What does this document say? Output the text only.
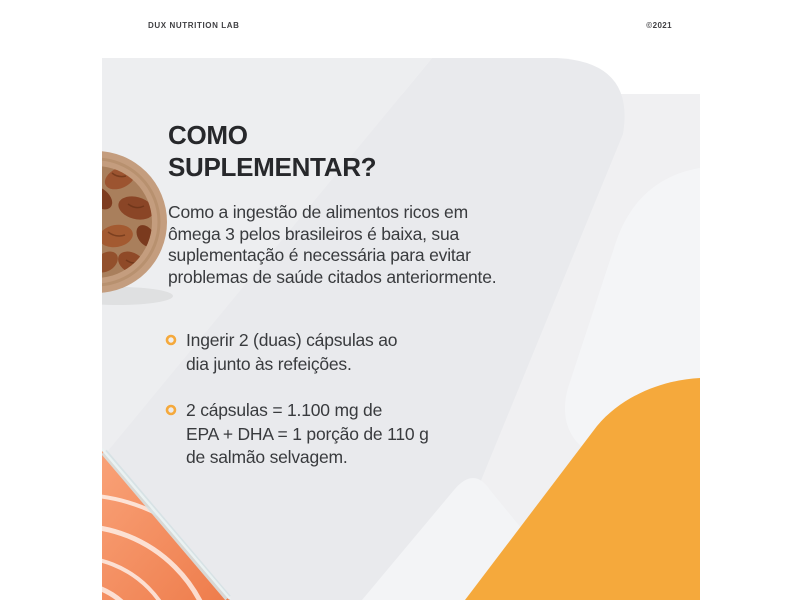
DUX NUTRITION LAB	©2021
COMO
SUPLEMENTAR?
Como a ingestão de alimentos ricos em
ômega 3 pelos brasileiros é baixa, sua
suplementação é necessária para evitar
problemas de saúde citados anteriormente.
Ingerir 2 (duas) cápsulas ao
dia junto às refeições.
2 cápsulas = 1.100 mg de
EPA + DHA = 1 porção de 110 g
de salmão selvagem.
